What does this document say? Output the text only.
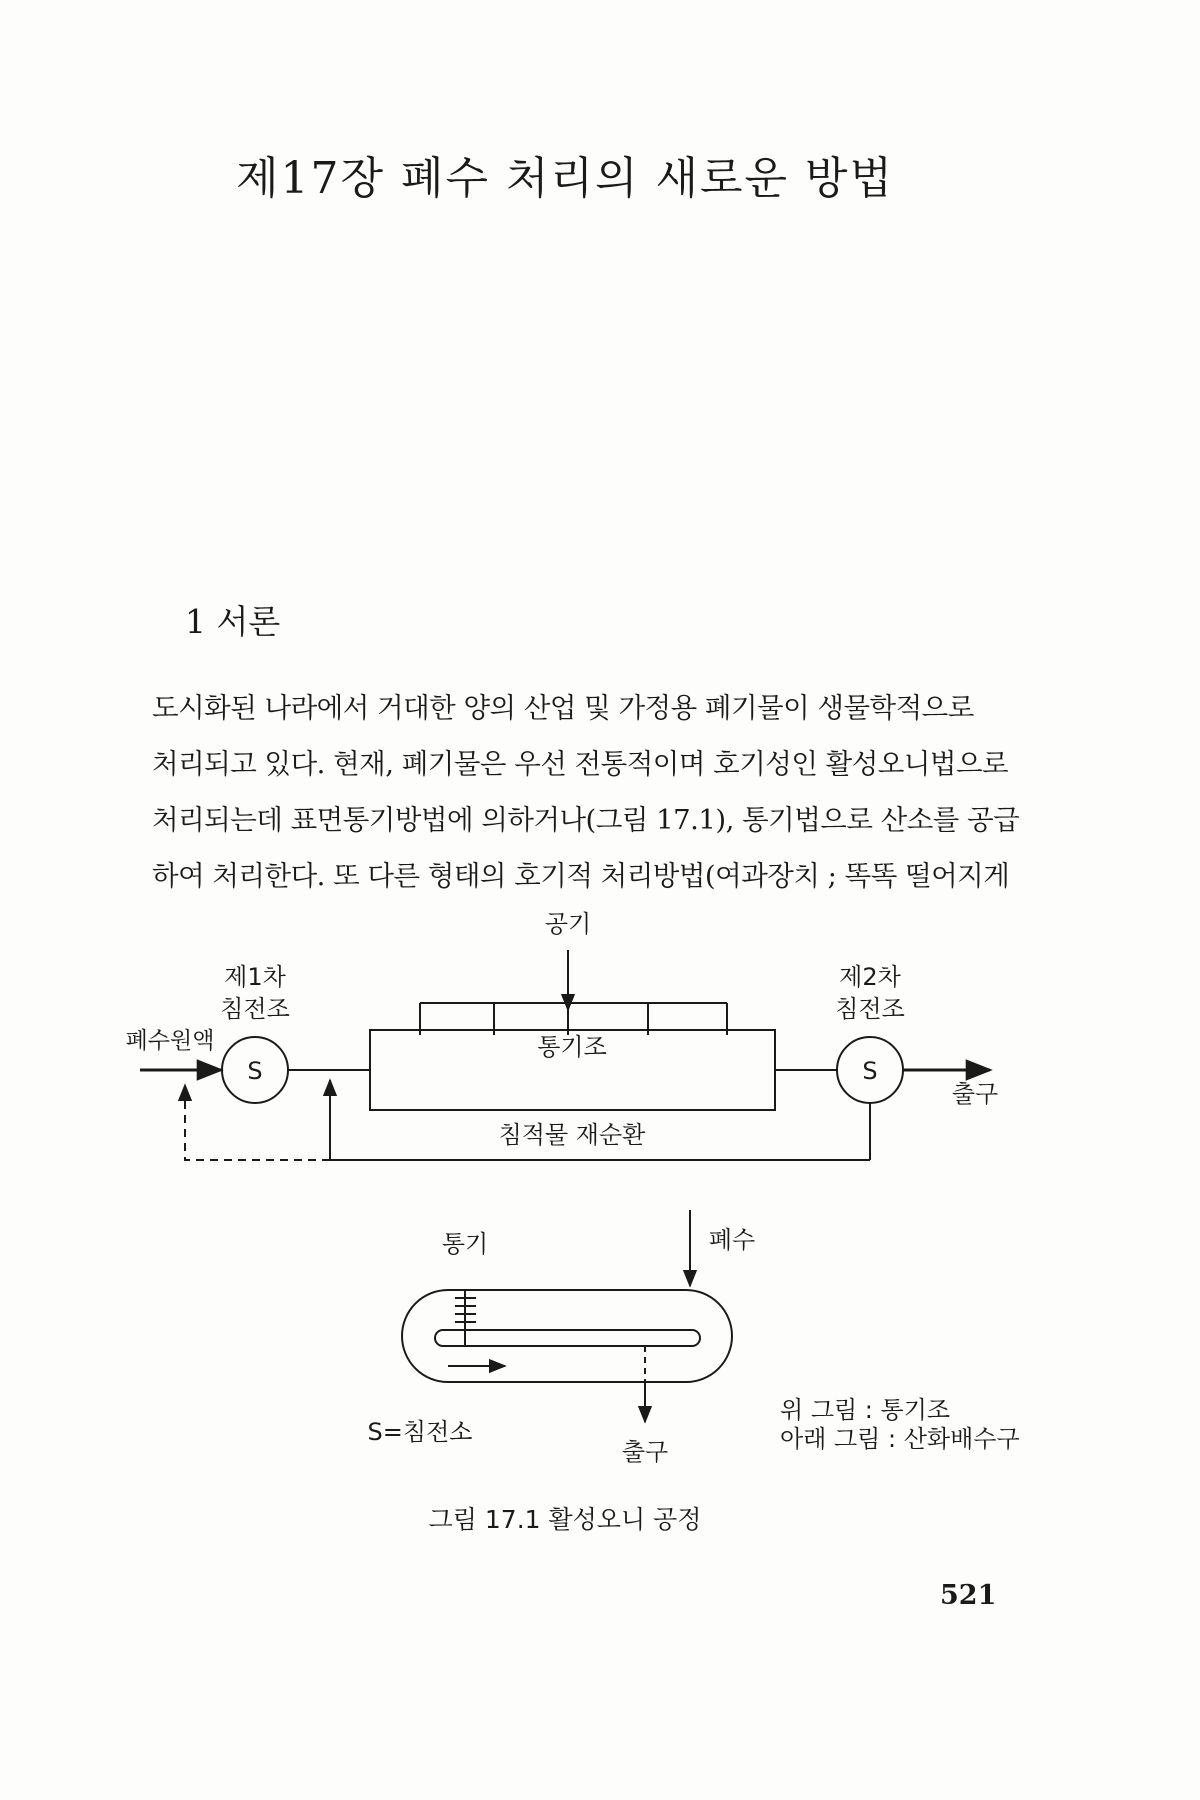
제17장 폐수 처리의 새로운 방법
1 서론
도시화된 나라에서 거대한 양의 산업 및 가정용 폐기물이 생물학적으로
처리되고 있다. 현재, 폐기물은 우선 전통적이며 호기성인 활성오니법으로
처리되는데 표면통기방법에 의하거나(그림 17.1), 통기법으로 산소를 공급
하여 처리한다. 또 다른 형태의 호기적 처리방법(여과장치 ; 똑똑 떨어지게
공기
제1차
침전조
폐수원액
S
통기조
제2차
침전조
S
출구
침적물 재순환
통기	폐수
출구
S=침전소
위 그림 : 통기조
아래 그림 : 산화배수구
그림 17.1 활성오니 공정
521
